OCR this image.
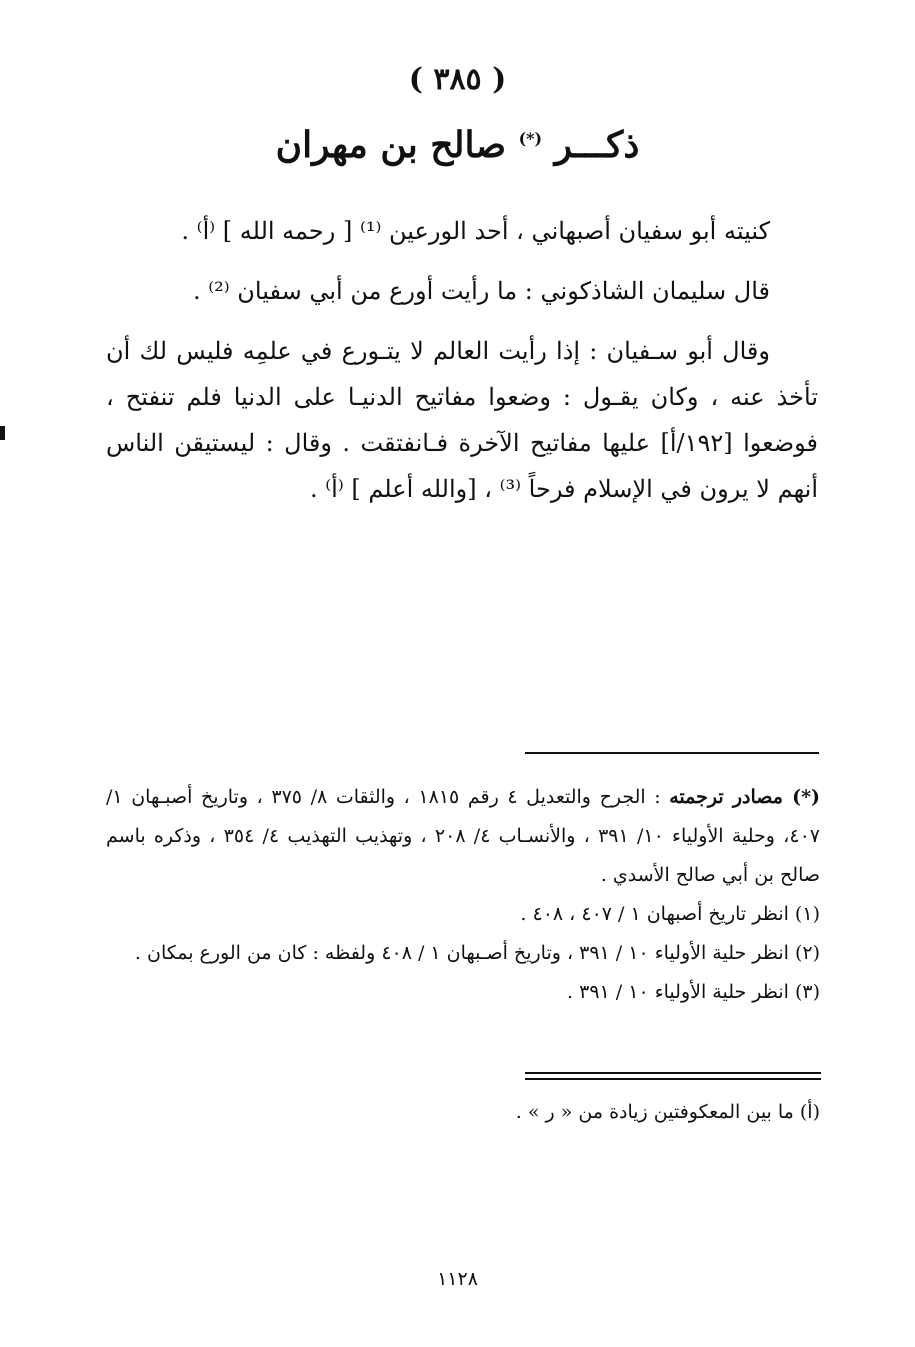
( ٣٨٥ )
ذكـــر (*) صالح بن مهران

كنيته أبو سفيان أصبهاني ، أحد الورعين ⁽¹⁾ [ رحمه الله ] ⁽أ⁾ .

قال سليمان الشاذكوني : ما رأيت أورع من أبي سفيان ⁽²⁾ .

وقال أبو سـفيان : إذا رأيت العالم لا يتـورع في علمِه فليس لك أن تأخذ عنه ، وكان يقـول : وضعوا مفاتيح الدنيـا على الدنيا فلم تنفتح ، فوضعوا [١٩٢/أ] عليها مفاتيح الآخرة فـانفتقت . وقال : ليستيقن الناس أنهم لا يرون في الإسلام فرحاً ⁽³⁾ ، [والله أعلم ] ⁽أ⁾ .

(*) مصادر ترجمته : الجرح والتعديل ٤ رقم ١٨١٥ ، والثقات ٨/ ٣٧٥ ، وتاريخ أصبـهان ١/ ٤٠٧، وحلية الأولياء ١٠/ ٣٩١ ، والأنسـاب ٤/ ٢٠٨ ، وتهذيب التهذيب ٤/ ٣٥٤ ، وذكره باسم صالح بن أبي صالح الأسدي .

(١) انظر تاريخ أصبهان ١ / ٤٠٧ ، ٤٠٨ .

(٢) انظر حلية الأولياء ١٠ / ٣٩١ ، وتاريخ أصـبهان ١ / ٤٠٨ ولفظه : كان من الورع بمكان .

(٣) انظر حلية الأولياء ١٠ / ٣٩١ .

(أ) ما بين المعكوفتين زيادة من « ر » .
١١٢٨
